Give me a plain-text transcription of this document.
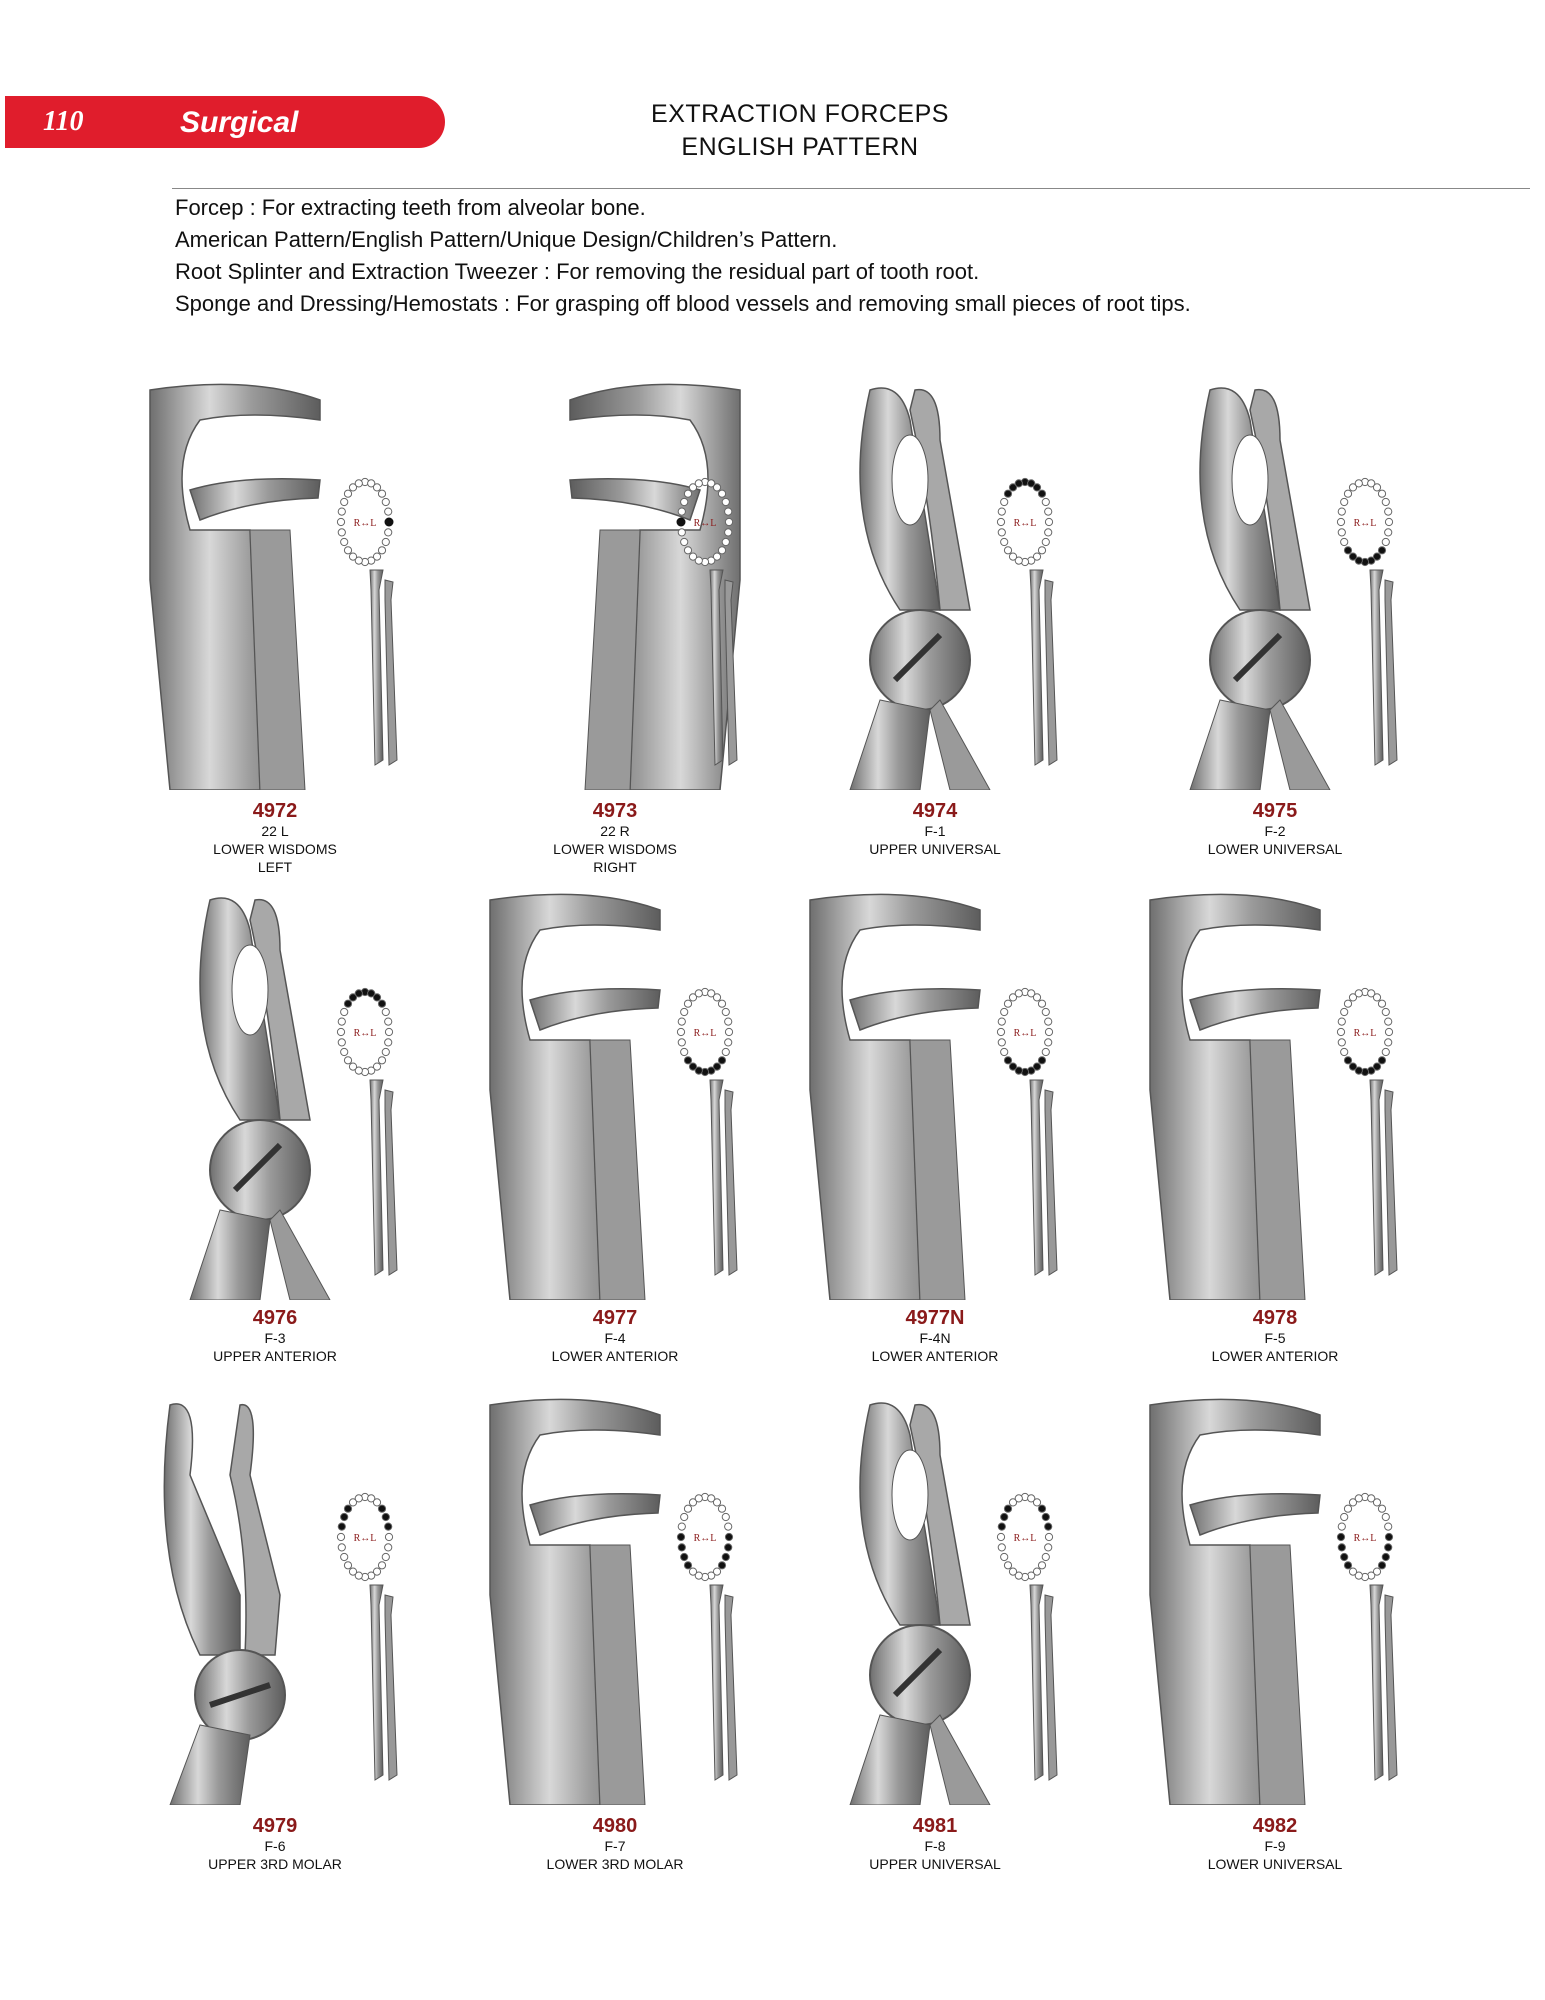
110	Surgical	EXTRACTION FORCEPS
ENGLISH PATTERN
Forcep : For extracting teeth from alveolar bone.
American Pattern/English Pattern/Unique Design/Children’s Pattern.
Root Splinter and Extraction Tweezer : For removing the residual part of tooth root.
Sponge and Dressing/Hemostats : For grasping off blood vessels and removing small pieces of root tips.
R↔L
4972
22 L
LOWER WISDOMS
LEFT
R↔L
4973
22 R
LOWER WISDOMS
RIGHT
R↔L
4974
F-1
UPPER UNIVERSAL
R↔L
4975
F-2
LOWER UNIVERSAL
R↔L
4976
F-3
UPPER ANTERIOR
R↔L
4977
F-4
LOWER ANTERIOR
R↔L
4977N
F-4N
LOWER ANTERIOR
R↔L
4978
F-5
LOWER ANTERIOR
R↔L
4979
F-6
UPPER 3RD MOLAR
R↔L
4980
F-7
LOWER 3RD MOLAR
R↔L
4981
F-8
UPPER UNIVERSAL
R↔L
4982
F-9
LOWER UNIVERSAL
